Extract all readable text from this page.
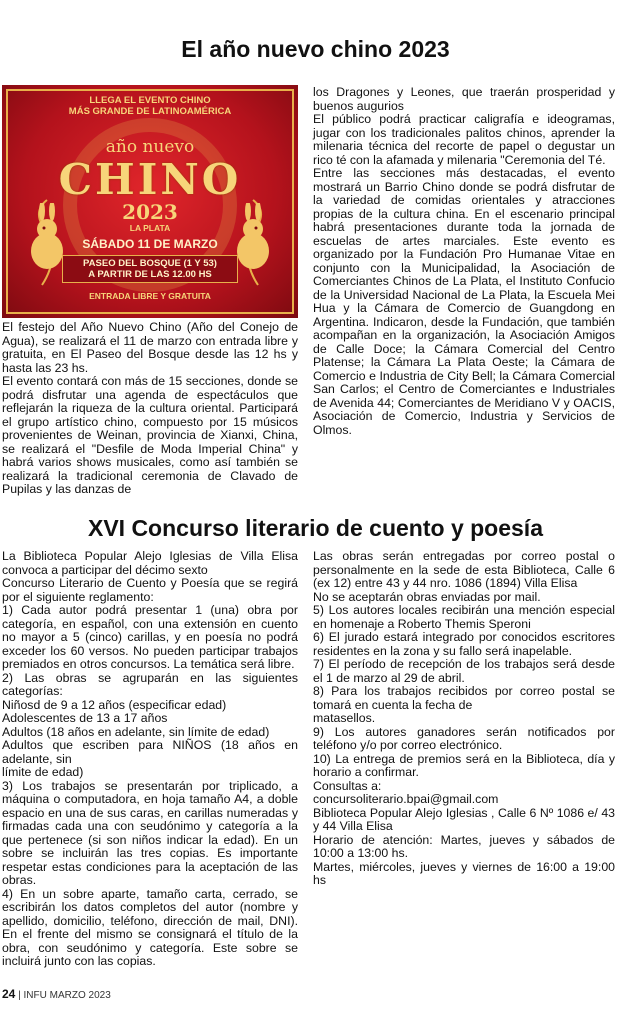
El año nuevo chino 2023
LLEGA EL EVENTO CHINO
MÁS GRANDE DE LATINOAMÉRICA
año nuevo
CHINO
2023
LA PLATA
SÁBADO 11 DE MARZO
PASEO DEL BOSQUE (1 Y 53)
A PARTIR DE LAS 12.00 HS
ENTRADA LIBRE Y GRATUITA

El festejo del Año Nuevo Chino (Año del Conejo de Agua), se realizará el 11 de marzo con entrada libre y gratuita, en El Paseo del Bosque desde las 12 hs y hasta las 23 hs.

El evento contará con más de 15 secciones, donde se podrá disfrutar una agenda de espectáculos que reflejarán la riqueza de la cultura oriental. Participará el grupo artístico chino, compuesto por 15 músicos provenientes de Weinan, provincia de Xianxi, China, se realizará el "Desfile de Moda Imperial China" y habrá varios shows musicales, como así también se realizará la tradicional ceremonia de Clavado de Pupilas y las danzas de

los Dragones y Leones, que traerán prosperidad y buenos augurios

El público podrá practicar caligrafía e ideogramas, jugar con los tradicionales palitos chinos, aprender la milenaria técnica del recorte de papel o degustar un rico té con la afamada y milenaria "Ceremonia del Té.

Entre las secciones más destacadas, el evento mostrará un Barrio Chino donde se podrá disfrutar de la variedad de comidas orientales y atracciones propias de la cultura china. En el escenario principal habrá presentaciones durante toda la jornada de escuelas de artes marciales. Este evento es organizado por la Fundación Pro Humanae Vitae en conjunto con la Municipalidad, la Asociación de Comerciantes Chinos de La Plata, el Instituto Confucio de la Universidad Nacional de La Plata, la Escuela Mei Hua y la Cámara de Comercio de Guangdong en Argentina. Indicaron, desde la Fundación, que también acompañan en la organización, la Asociación Amigos de Calle Doce; la Cámara Comercial del Centro Platense; la Cámara La Plata Oeste; la Cámara de Comercio e Industria de City Bell; la Cámara Comercial San Carlos; el Centro de Comerciantes e Industriales de Avenida 44; Comerciantes de Meridiano V y OACIS, Asociación de Comercio, Industria y Servicios de Olmos.

XVI Concurso literario de cuento y poesía

La Biblioteca Popular Alejo Iglesias de Villa Elisa convoca a participar del décimo sexto

Concurso Literario de Cuento y Poesía que se regirá por el siguiente reglamento:

1) Cada autor podrá presentar 1 (una) obra por categoría, en español, con una extensión en cuento no mayor a 5 (cinco) carillas, y en poesía no podrá exceder los 60 versos. No pueden participar trabajos premiados en otros concursos. La temática será libre.

2) Las obras se agruparán en las siguientes categorías:

Niñosd de 9 a 12 años (especificar edad)

Adolescentes de 13 a 17 años

Adultos (18 años en adelante, sin límite de edad)

Adultos que escriben para NIÑOS (18 años en adelante, sin

límite de edad)

3) Los trabajos se presentarán por triplicado, a máquina o computadora, en hoja tamaño A4, a doble espacio en una de sus caras, en carillas numeradas y firmadas cada una con seudónimo y categoría a la que pertenece (si son niños indicar la edad). En un sobre se incluirán las tres copias. Es importante respetar estas condiciones para la aceptación de las obras.

4) En un sobre aparte, tamaño carta, cerrado, se escribirán los datos completos del autor (nombre y apellido, domicilio, teléfono, dirección de mail, DNI). En el frente del mismo se consignará el título de la obra, con seudónimo y categoría. Este sobre se incluirá junto con las copias.

Las obras serán entregadas por correo postal o personalmente en la sede de esta Biblioteca, Calle 6 (ex 12) entre 43 y 44 nro. 1086 (1894) Villa Elisa

No se aceptarán obras enviadas por mail.

5) Los autores locales recibirán una mención especial en homenaje a Roberto Themis Speroni

6) El jurado estará integrado por conocidos escritores residentes en la zona y su fallo será inapelable.

7) El período de recepción de los trabajos será desde el 1 de marzo al 29 de abril.

8) Para los trabajos recibidos por correo postal se tomará en cuenta la fecha de

matasellos.

9) Los autores ganadores serán notificados por teléfono y/o por correo electrónico.

10) La entrega de premios será en la Biblioteca, día y horario a confirmar.

Consultas a:

concursoliterario.bpai@gmail.com

Biblioteca Popular Alejo Iglesias , Calle 6 Nº 1086 e/ 43 y 44 Villa Elisa

Horario de atención: Martes, jueves y sábados de 10:00 a 13:00 hs.

Martes, miércoles, jueves y viernes de 16:00 a 19:00 hs

24 | INFU MARZO 2023
